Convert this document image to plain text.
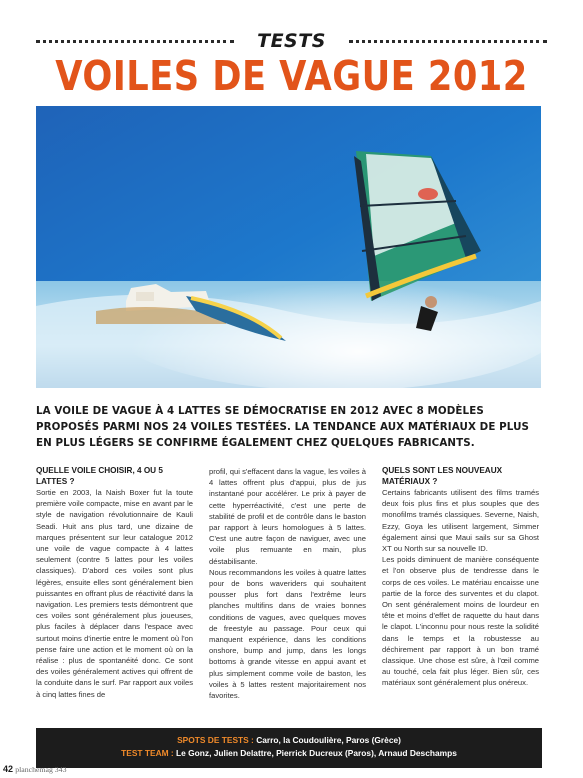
TESTS
VOILES DE VAGUE 2012
LA VOILE DE VAGUE À 4 LATTES SE DÉMOCRATISE EN 2012 AVEC 8 MODÈLES PROPOSÉS PARMI NOS 24 VOILES TESTÉES. LA TENDANCE AUX MATÉRIAUX DE PLUS EN PLUS LÉGERS SE CONFIRME ÉGALEMENT CHEZ QUELQUES FABRICANTS.
QUELLE VOILE CHOISIR, 4 OU 5 LATTES ?

Sortie en 2003, la Naish Boxer fut la toute première voile compacte, mise en avant par le style de navigation révolutionnaire de Kauli Seadi. Huit ans plus tard, une dizaine de marques présentent sur leur catalogue 2012 une voile de vague compacte à 4 lattes seulement (contre 5 lattes pour les voiles classiques). D'abord ces voiles sont plus légères, ensuite elles sont généralement bien puissantes en offrant plus de réactivité dans la navigation. Les premiers tests démontrent que ces voiles sont généralement plus joueuses, plus faciles à déplacer dans l'espace avec surtout moins d'inertie entre le moment où l'on pense faire une action et le moment où on la réalise : plus de spontanéité donc. Ce sont des voiles généralement actives qui offrent de la conduite dans le surf. Par rapport aux voiles à cinq lattes fines de

profil, qui s'effacent dans la vague, les voiles à 4 lattes offrent plus d'appui, plus de jus instantané pour accélérer. Le prix à payer de cette hyperréactivité, c'est une perte de stabilité de profil et de contrôle dans le baston par rapport à leurs homologues à 5 lattes. C'est une autre façon de naviguer, avec une voile plus remuante en main, plus déstabilisante.

Nous recommandons les voiles à quatre lattes pour de bons waveriders qui souhaitent pousser plus fort dans l'extrême leurs planches multifins dans de vraies bonnes conditions de vagues, avec quelques moves de freestyle au passage. Pour ceux qui manquent expérience, dans les conditions onshore, bump and jump, dans les longs bottoms à grande vitesse en appui avant et plus simplement comme voile de baston, les voiles à 5 lattes restent majoritairement nos favorites.

QUELS SONT LES NOUVEAUX MATÉRIAUX ?

Certains fabricants utilisent des films tramés deux fois plus fins et plus souples que des monofilms tramés classiques. Severne, Naish, Ezzy, Goya les utilisent largement, Simmer également ainsi que Maui sails sur sa Ghost XT ou North sur sa nouvelle ID.

Les poids diminuent de manière conséquente et l'on observe plus de tendresse dans le corps de ces voiles. Le matériau encaisse une partie de la force des surventes et du clapot. On sent généralement moins de lourdeur en tête et moins d'effet de raquette du haut dans le clapot. L'inconnu pour nous reste la solidité dans le temps et la robustesse au déchirement par rapport à un bon tramé classique. Une chose est sûre, à l'œil comme au touché, cela fait plus léger. Bien sûr, ces matériaux sont généralement plus onéreux.

SPOTS DE TESTS : Carro, la Coudoulière, Paros (Grèce)
TEST TEAM : Le Gonz, Julien Delattre, Pierrick Ducreux (Paros), Arnaud Deschamps
42 planchemag 343
